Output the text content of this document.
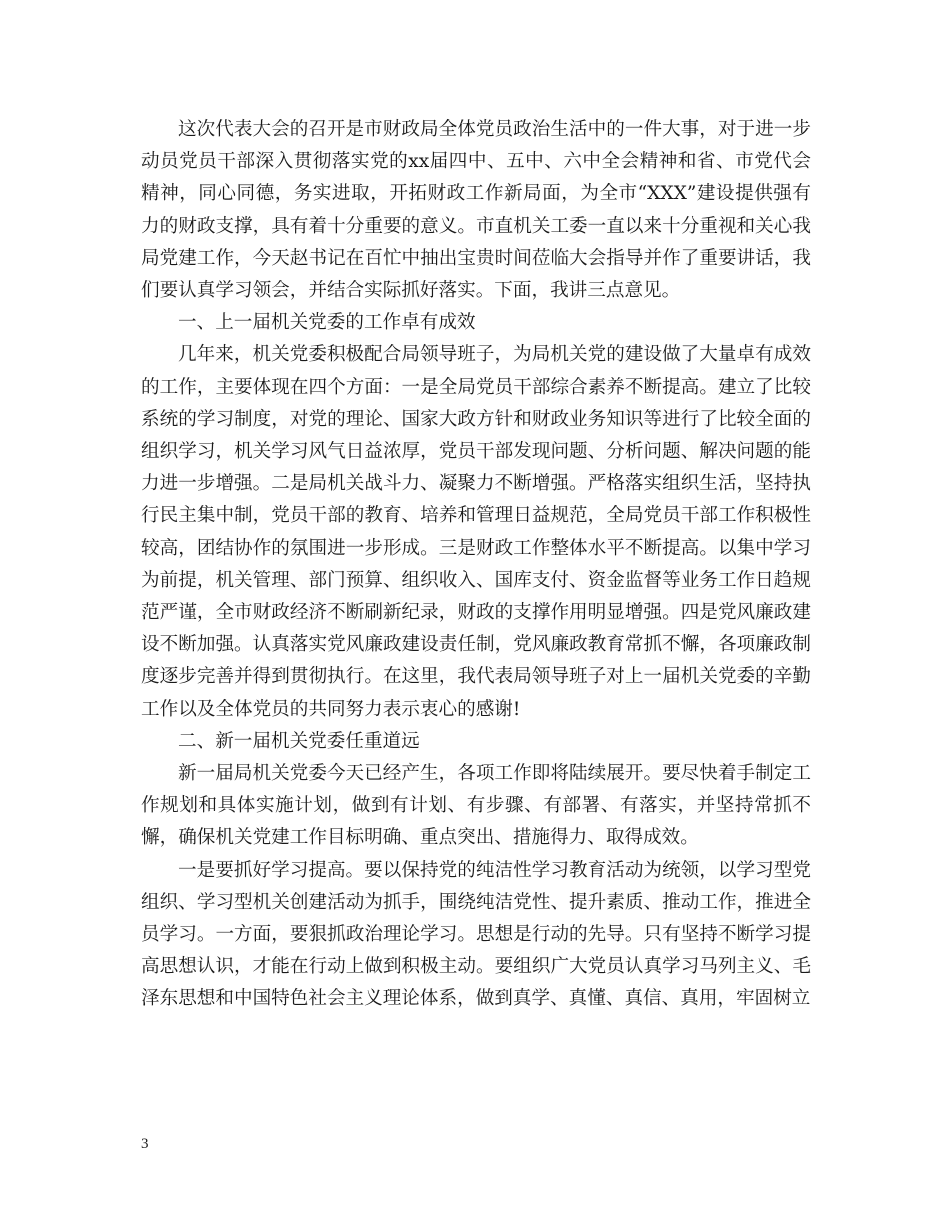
这次代表大会的召开是市财政局全体党员政治生活中的一件大事，对于进一步动员党员干部深入贯彻落实党的xx届四中、五中、六中全会精神和省、市党代会精神，同心同德，务实进取，开拓财政工作新局面，为全市“XXX”建设提供强有力的财政支撑，具有着十分重要的意义。市直机关工委一直以来十分重视和关心我局党建工作，今天赵书记在百忙中抽出宝贵时间莅临大会指导并作了重要讲话，我们要认真学习领会，并结合实际抓好落实。下面，我讲三点意见。

一、上一届机关党委的工作卓有成效

几年来，机关党委积极配合局领导班子，为局机关党的建设做了大量卓有成效的工作，主要体现在四个方面：一是全局党员干部综合素养不断提高。建立了比较系统的学习制度，对党的理论、国家大政方针和财政业务知识等进行了比较全面的组织学习，机关学习风气日益浓厚，党员干部发现问题、分析问题、解决问题的能力进一步增强。二是局机关战斗力、凝聚力不断增强。严格落实组织生活，坚持执行民主集中制，党员干部的教育、培养和管理日益规范，全局党员干部工作积极性较高，团结协作的氛围进一步形成。三是财政工作整体水平不断提高。以集中学习为前提，机关管理、部门预算、组织收入、国库支付、资金监督等业务工作日趋规范严谨，全市财政经济不断刷新纪录，财政的支撑作用明显增强。四是党风廉政建设不断加强。认真落实党风廉政建设责任制，党风廉政教育常抓不懈，各项廉政制度逐步完善并得到贯彻执行。在这里，我代表局领导班子对上一届机关党委的辛勤工作以及全体党员的共同努力表示衷心的感谢!

二、新一届机关党委任重道远

新一届局机关党委今天已经产生，各项工作即将陆续展开。要尽快着手制定工作规划和具体实施计划，做到有计划、有步骤、有部署、有落实，并坚持常抓不懈，确保机关党建工作目标明确、重点突出、措施得力、取得成效。

一是要抓好学习提高。要以保持党的纯洁性学习教育活动为统领，以学习型党组织、学习型机关创建活动为抓手，围绕纯洁党性、提升素质、推动工作，推进全员学习。一方面，要狠抓政治理论学习。思想是行动的先导。只有坚持不断学习提高思想认识，才能在行动上做到积极主动。要组织广大党员认真学习马列主义、毛泽东思想和中国特色社会主义理论体系，做到真学、真懂、真信、真用，牢固树立

3
